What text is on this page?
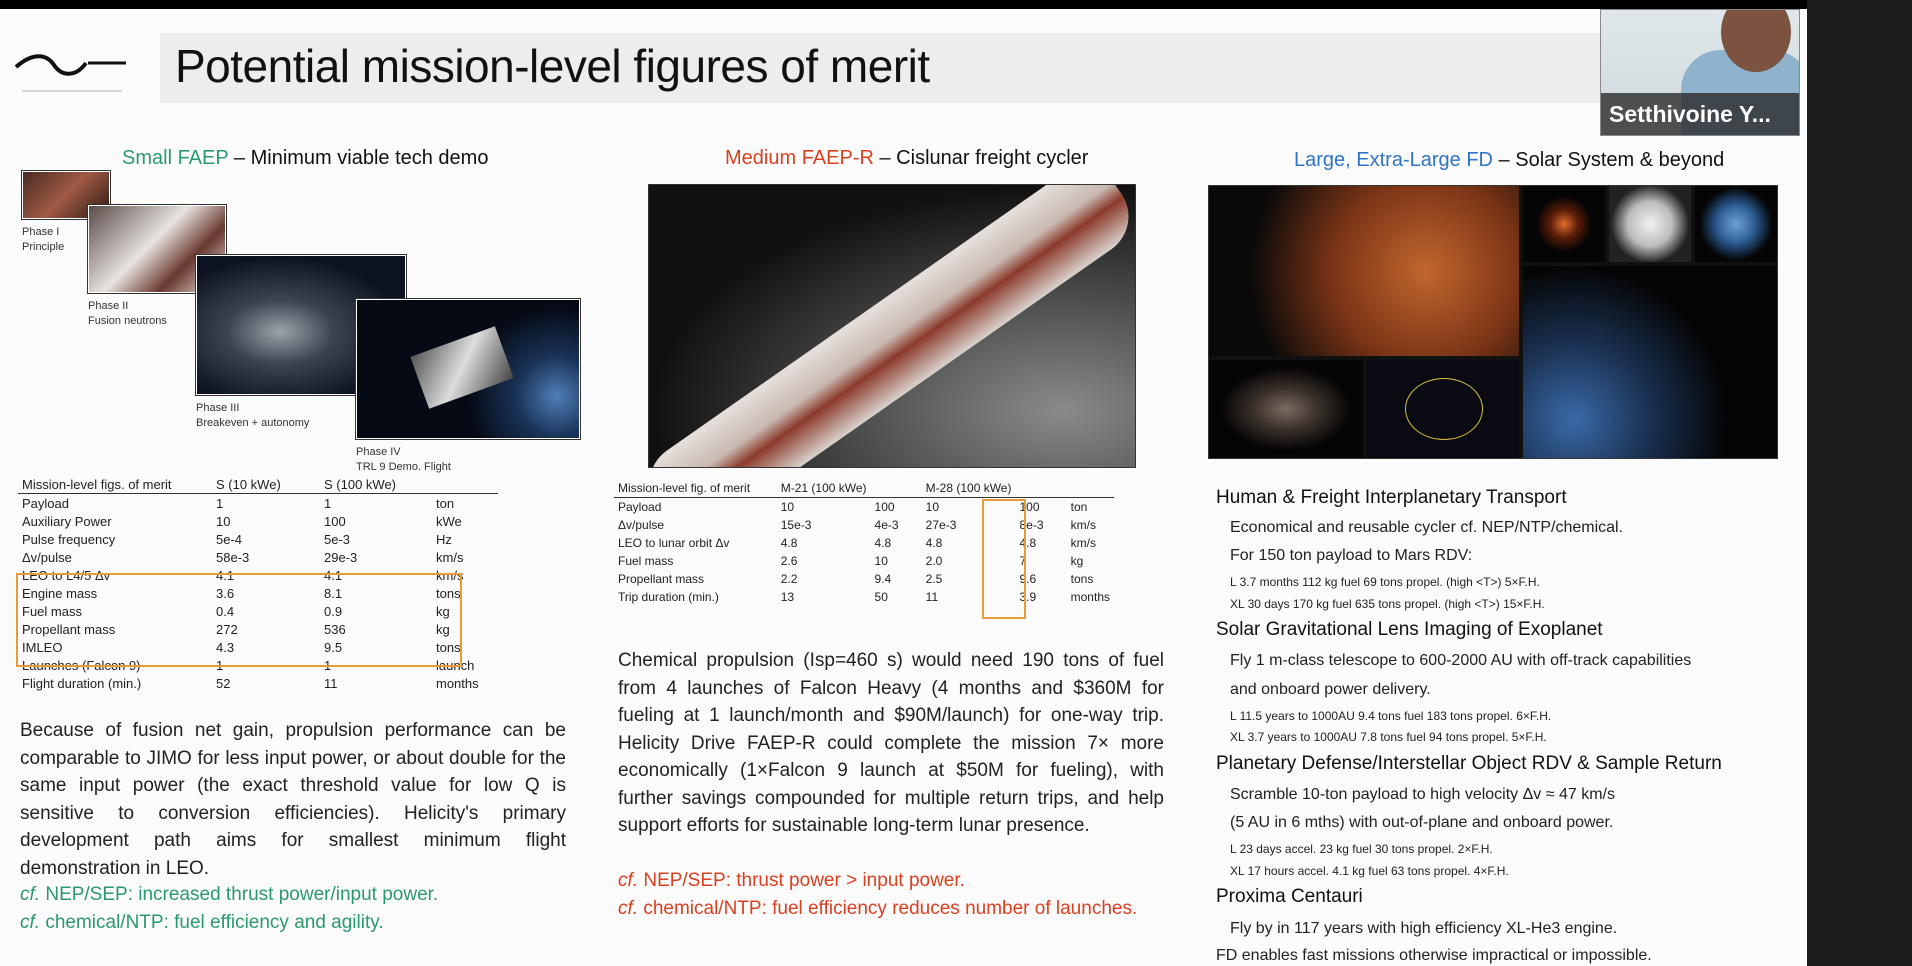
Potential mission-level figures of merit
Small FAEP – Minimum viable tech demo
Phase I
Principle
Phase II
Fusion neutrons
Phase III
Breakeven + autonomy
Phase IV
TRL 9 Demo. Flight
Mission-level figs. of merit	S (10 kWe)	S (100 kWe)	
Payload	1	1	ton
Auxiliary Power	10	100	kWe
Pulse frequency	5e-4	5e-3	Hz
Δv/pulse	58e-3	29e-3	km/s
LEO to L4/5 Δv	4.1	4.1	km/s
Engine mass	3.6	8.1	tons
Fuel mass	0.4	0.9	kg
Propellant mass	272	536	kg
IMLEO	4.3	9.5	tons
Launches (Falcon 9)	1	1	launch
Flight duration (min.)	52	11	months
Because of fusion net gain, propulsion performance can be comparable to JIMO for less input power, or about double for the same input power (the exact threshold value for low Q is sensitive to conversion efficiencies). Helicity's primary development path aims for smallest minimum flight demonstration in LEO.
cf. NEP/SEP: increased thrust power/input power.
cf. chemical/NTP: fuel efficiency and agility.
Medium FAEP-R – Cislunar freight cycler
Mission-level fig. of merit	M-21 (100 kWe)		M-28 (100 kWe)		
Payload	10	100	10	100	ton
Δv/pulse	15e-3	4e-3	27e-3	8e-3	km/s
LEO to lunar orbit Δv	4.8	4.8	4.8	4.8	km/s
Fuel mass	2.6	10	2.0	7	kg
Propellant mass	2.2	9.4	2.5	9.6	tons
Trip duration (min.)	13	50	11	3.9	months
Chemical propulsion (Isp=460 s) would need 190 tons of fuel from 4 launches of Falcon Heavy (4 months and $360M for fueling at 1 launch/month and $90M/launch) for one-way trip. Helicity Drive FAEP-R could complete the mission 7× more economically (1×Falcon 9 launch at $50M for fueling), with further savings compounded for multiple return trips, and help support efforts for sustainable long-term lunar presence.
cf. NEP/SEP: thrust power > input power.
cf. chemical/NTP: fuel efficiency reduces number of launches.
Large, Extra-Large FD – Solar System & beyond
Human & Freight Interplanetary Transport
Economical and reusable cycler cf. NEP/NTP/chemical.
For 150 ton payload to Mars RDV:
L 3.7 months 112 kg fuel 69 tons propel. (high <T>) 5×F.H.
XL 30 days 170 kg fuel 635 tons propel. (high <T>) 15×F.H.
Solar Gravitational Lens Imaging of Exoplanet
Fly 1 m-class telescope to 600-2000 AU with off-track capabilities
and onboard power delivery.
L 11.5 years to 1000AU 9.4 tons fuel 183 tons propel. 6×F.H.
XL 3.7 years to 1000AU 7.8 tons fuel 94 tons propel. 5×F.H.
Planetary Defense/Interstellar Object RDV & Sample Return
Scramble 10-ton payload to high velocity Δv ≈ 47 km/s
(5 AU in 6 mths) with out-of-plane and onboard power.
L 23 days accel. 23 kg fuel 30 tons propel. 2×F.H.
XL 17 hours accel. 4.1 kg fuel 63 tons propel. 4×F.H.
Proxima Centauri
Fly by in 117 years with high efficiency XL-He3 engine.
FD enables fast missions otherwise impractical or impossible.
Setthivoine Y...
